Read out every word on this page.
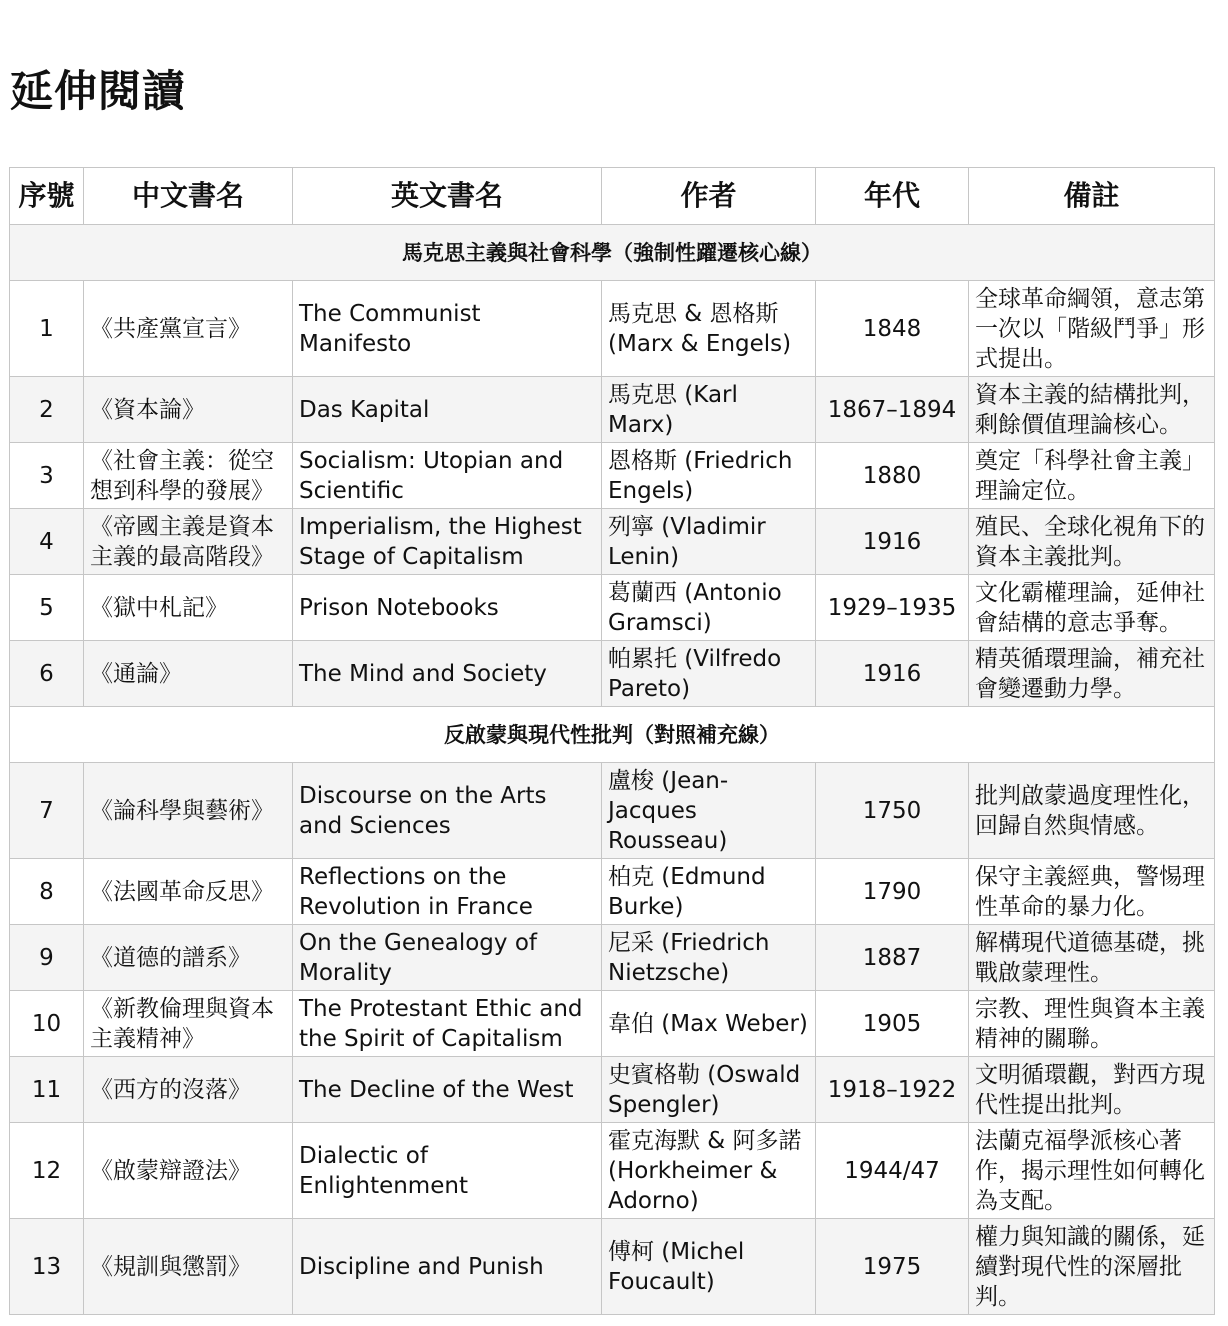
延伸閱讀
序號	中文書名	英文書名	作者	年代	備註
馬克思主義與社會科學（強制性躍遷核心線）					
1	《共產黨宣言》	The Communist Manifesto	馬克思 & 恩格斯 (Marx & Engels)	1848	全球革命綱領，意志第一次以「階級鬥爭」形式提出。
2	《資本論》	Das Kapital	馬克思 (Karl Marx)	1867–1894	資本主義的結構批判，剩餘價值理論核心。
3	《社會主義：從空想到科學的發展》	Socialism: Utopian and Scientific	恩格斯 (Friedrich Engels)	1880	奠定「科學社會主義」理論定位。
4	《帝國主義是資本主義的最高階段》	Imperialism, the Highest Stage of Capitalism	列寧 (Vladimir Lenin)	1916	殖民、全球化視角下的資本主義批判。
5	《獄中札記》	Prison Notebooks	葛蘭西 (Antonio Gramsci)	1929–1935	文化霸權理論，延伸社會結構的意志爭奪。
6	《通論》	The Mind and Society	帕累托 (Vilfredo Pareto)	1916	精英循環理論，補充社會變遷動力學。
反啟蒙與現代性批判（對照補充線）					
7	《論科學與藝術》	Discourse on the Arts and Sciences	盧梭 (Jean-Jacques Rousseau)	1750	批判啟蒙過度理性化，回歸自然與情感。
8	《法國革命反思》	Reflections on the Revolution in France	柏克 (Edmund Burke)	1790	保守主義經典，警惕理性革命的暴力化。
9	《道德的譜系》	On the Genealogy of Morality	尼采 (Friedrich Nietzsche)	1887	解構現代道德基礎，挑戰啟蒙理性。
10	《新教倫理與資本主義精神》	The Protestant Ethic and the Spirit of Capitalism	韋伯 (Max Weber)	1905	宗教、理性與資本主義精神的關聯。
11	《西方的沒落》	The Decline of the West	史賓格勒 (Oswald Spengler)	1918–1922	文明循環觀，對西方現代性提出批判。
12	《啟蒙辯證法》	Dialectic of Enlightenment	霍克海默 & 阿多諾 (Horkheimer & Adorno)	1944/47	法蘭克福學派核心著作，揭示理性如何轉化為支配。
13	《規訓與懲罰》	Discipline and Punish	傅柯 (Michel Foucault)	1975	權力與知識的關係，延續對現代性的深層批判。
